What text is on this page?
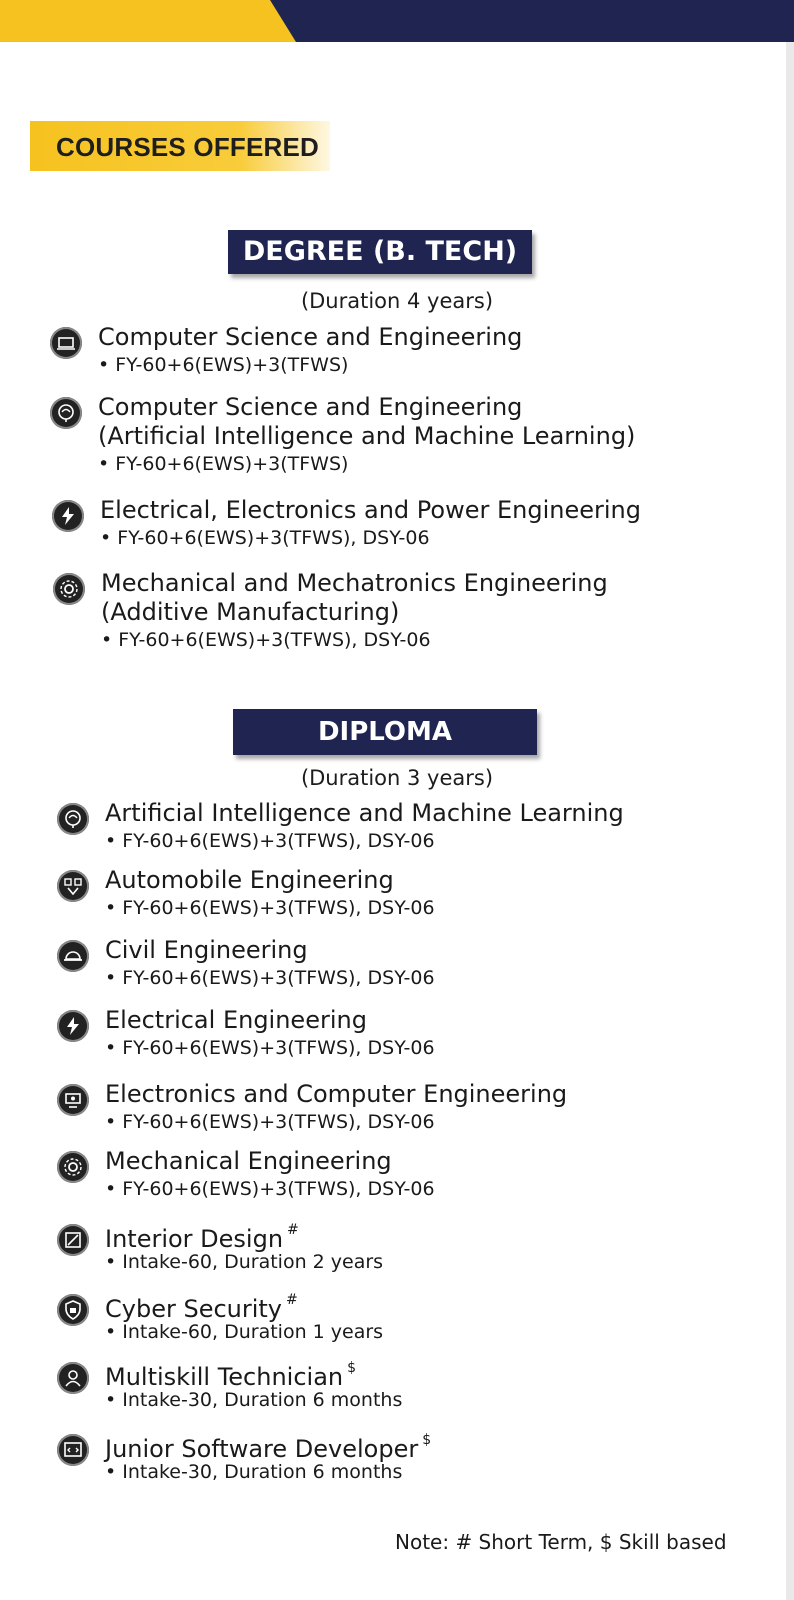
COURSES OFFERED
DEGREE (B. TECH)
(Duration 4 years)
Computer Science and Engineering
• FY-60+6(EWS)+3(TFWS)
Computer Science and Engineering
(Artificial Intelligence and Machine Learning)
• FY-60+6(EWS)+3(TFWS)
Electrical, Electronics and Power Engineering
• FY-60+6(EWS)+3(TFWS), DSY-06
Mechanical and Mechatronics Engineering
(Additive Manufacturing)
• FY-60+6(EWS)+3(TFWS), DSY-06
DIPLOMA
(Duration 3 years)
Artificial Intelligence and Machine Learning
• FY-60+6(EWS)+3(TFWS), DSY-06
Automobile Engineering
• FY-60+6(EWS)+3(TFWS), DSY-06
Civil Engineering
• FY-60+6(EWS)+3(TFWS), DSY-06
Electrical Engineering
• FY-60+6(EWS)+3(TFWS), DSY-06
Electronics and Computer Engineering
• FY-60+6(EWS)+3(TFWS), DSY-06
Mechanical Engineering
• FY-60+6(EWS)+3(TFWS), DSY-06
Interior Design #
• Intake-60, Duration 2 years
Cyber Security #
• Intake-60, Duration 1 years
Multiskill Technician $
• Intake-30, Duration 6 months
Junior Software Developer $
• Intake-30, Duration 6 months
Note: # Short Term, $ Skill based
